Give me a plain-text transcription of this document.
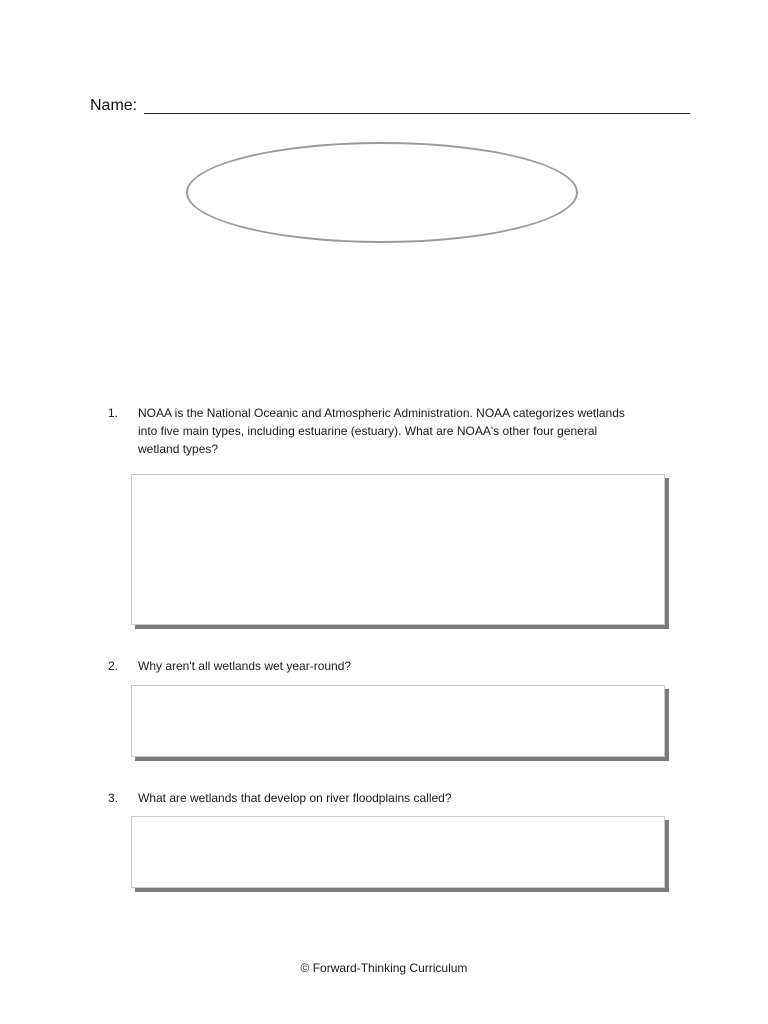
Name:
1.	NOAA is the National Oceanic and Atmospheric Administration. NOAA categorizes wetlands into five main types, including estuarine (estuary). What are NOAA's other four general wetland types?
2.	Why aren't all wetlands wet year-round?
3.	What are wetlands that develop on river floodplains called?
© Forward-Thinking Curriculum
